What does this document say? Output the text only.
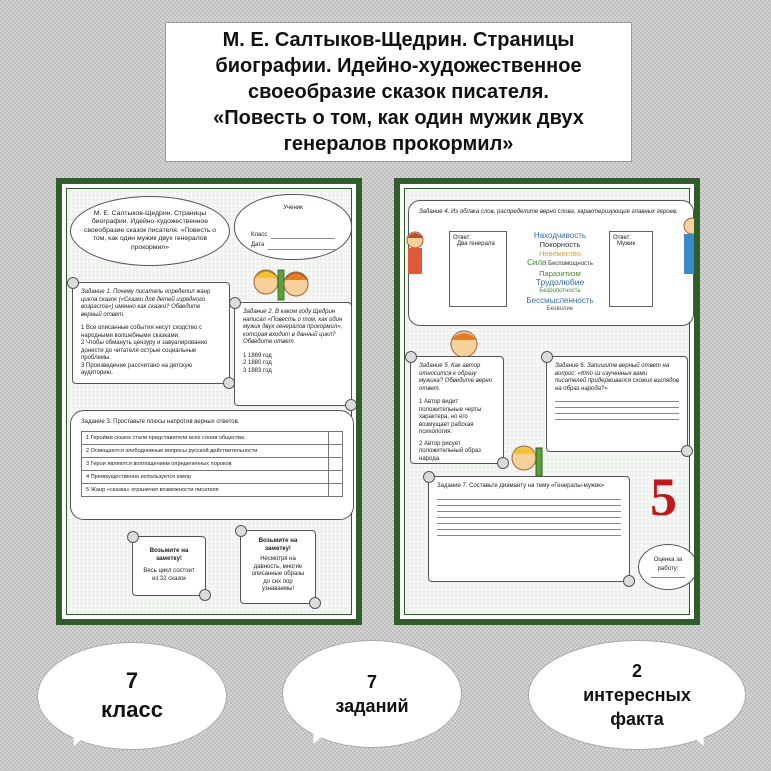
М. Е. Салтыков-Щедрин. Страницы
биографии. Идейно-художественное
своеобразие сказок писателя.
«Повесть о том, как один мужик двух
генералов прокормил»
М. Е. Салтыков-Щедрин. Страницы биографии. Идейно-художественное своеобразие сказок писателя. «Повесть о том, как один мужик двух генералов прокормил»
Ученик
Класс
Дата
Задание 1. Почему писатель определил жанр цикла сказок («Сказки для детей изрядного возраста») именно как сказки? Обведите верный ответ.
1 Все описанные события несут сходство с народными волшебными сказками.
2 Чтобы обмануть цензуру и завуалированно донести до читателя острые социальные проблемы.
3 Произведение рассчитано на детскую аудиторию.
Задание 2. В каком году Щедрин написал «Повесть о том, как один мужик двух генералов прокормил», которая входит в данный цикл? Обведите ответ.
1 1869 год
2 1880 год
3 1883 год
Задание 3. Проставьте плюсы напротив верных ответов.
1 Герои́ми сказок стали представители всех слоев общества	
2 Освещаются злободневные вопросы русской действительности	
3 Герои являются воплощением определенных пороков	
4 Преимущественно используется юмор	
5 Жанр «сказка» ограничил возможности писателя	
Возьмите на заметку!
Весь цикл состоит из 32 сказок
Возьмите на заметку!
Несмотря на давность, многие описанные образы до сих пор узнаваемы!
Задание 4. Из облака слов, распределите верно слова, характеризующие главных героев.
Ответ:
Два генерала
Ответ:
Мужик
Находчивость
Покорность
Невежество
Сила Беспомощность
Паразитизм
Трудолюбие
Безропотность
Бессмысленность
Безволие
Задание 5. Как автор относится к образу мужика? Обведите верно ответ.
1 Автор видит положительные черты характера, но его возмущает рабская психология.
2 Автор рисует положительный образ народа.
Задание 6. Запишите верный ответ на вопрос: «Кто из изученных вами писателей придерживался схожих взглядов на образ народа?»
Задание 7. Составьте диаманту на тему «Генералы-мужик» 5
Оценка за работу:
7
класс
7
заданий
2
интересных
факта
